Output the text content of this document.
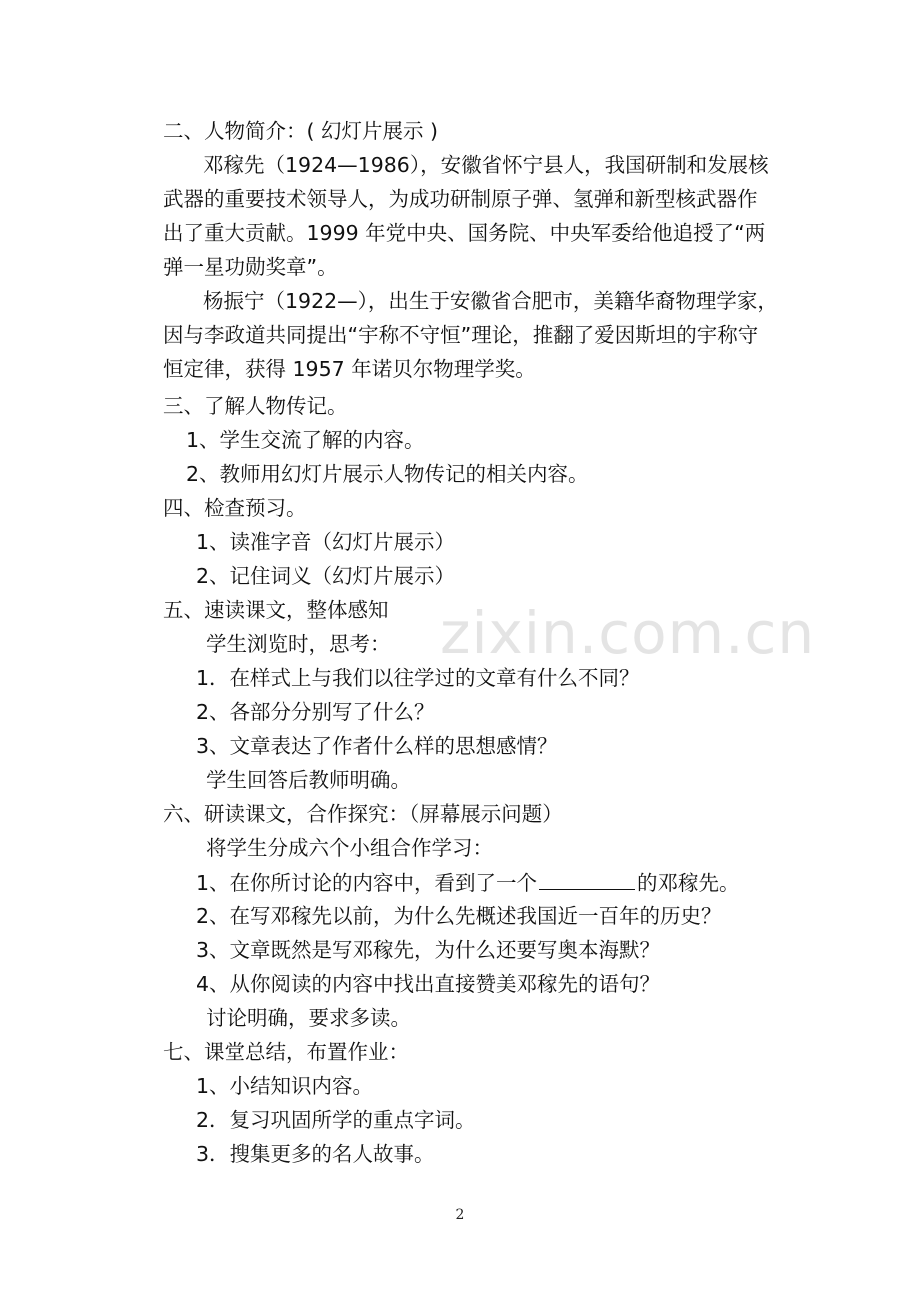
二、人物简介：( 幻灯片展示 )
邓稼先（1924—1986），安徽省怀宁县人，我国研制和发展核
武器的重要技术领导人，为成功研制原子弹、氢弹和新型核武器作
出了重大贡献。1999 年党中央、国务院、中央军委给他追授了“两
弹一星功勋奖章”。
杨振宁（1922—），出生于安徽省合肥市，美籍华裔物理学家，
因与李政道共同提出“宇称不守恒”理论，推翻了爱因斯坦的宇称守
恒定律，获得 1957 年诺贝尔物理学奖。
三、了解人物传记。
1、学生交流了解的内容。
2、教师用幻灯片展示人物传记的相关内容。
四、检查预习。
1、读准字音（幻灯片展示）
2、记住词义（幻灯片展示）
五、速读课文，整体感知
学生浏览时，思考：
1．在样式上与我们以往学过的文章有什么不同？
2、各部分分别写了什么？
3、文章表达了作者什么样的思想感情？
学生回答后教师明确。
六、研读课文，合作探究：（屏幕展示问题）
将学生分成六个小组合作学习：
1、在你所讨论的内容中，看到了一个	的邓稼先。
2、在写邓稼先以前，为什么先概述我国近一百年的历史？
3、文章既然是写邓稼先，为什么还要写奥本海默？
4、从你阅读的内容中找出直接赞美邓稼先的语句？
讨论明确，要求多读。
七、课堂总结，布置作业：
1、小结知识内容。
2．复习巩固所学的重点字词。
3．搜集更多的名人故事。
zixin.com.cn
2
